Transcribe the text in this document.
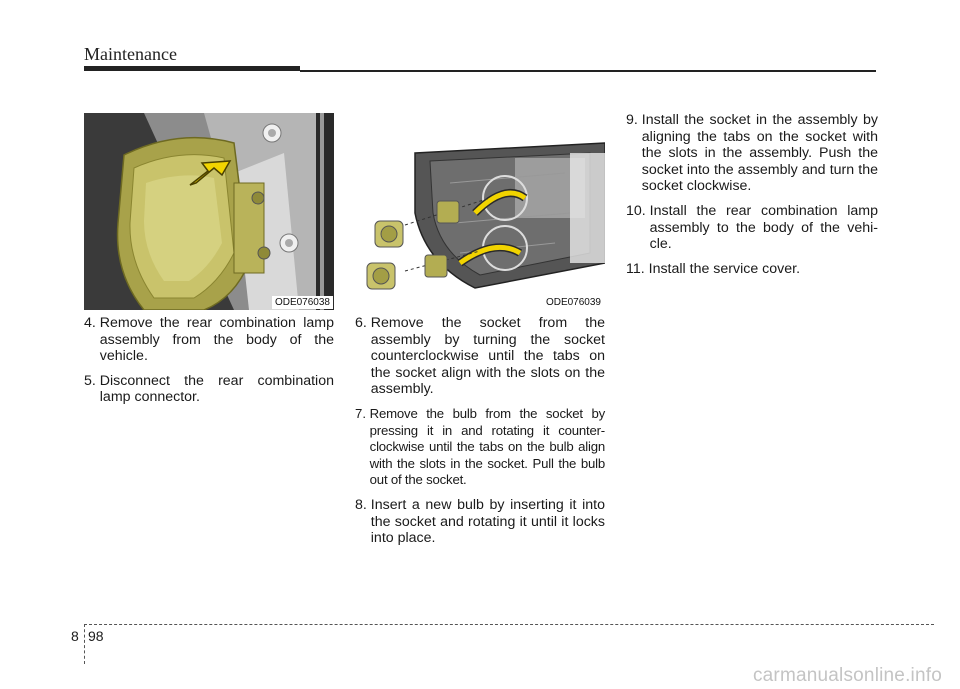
Maintenance
ODE076038	ODE076039
4. Remove the rear combination lamp assembly from the body of the vehicle.
5. Disconnect the rear combination lamp connector.
6. Remove the socket from the assembly by turning the socket counterclockwise until the tabs on the socket align with the slots on the assembly.
7. Remove the bulb from the socket by pressing it in and rotating it counter-clockwise until the tabs on the bulb align with the slots in the socket. Pull the bulb out of the socket.
8. Insert a new bulb by inserting it into the socket and rotating it until it locks into place.
9. Install the socket in the assembly by aligning the tabs on the socket with the slots in the assembly. Push the socket into the assembly and turn the socket clockwise.
10. Install the rear combination lamp assembly to the body of the vehi-cle.
11. Install the service cover.
8 98
carmanualsonline.info
